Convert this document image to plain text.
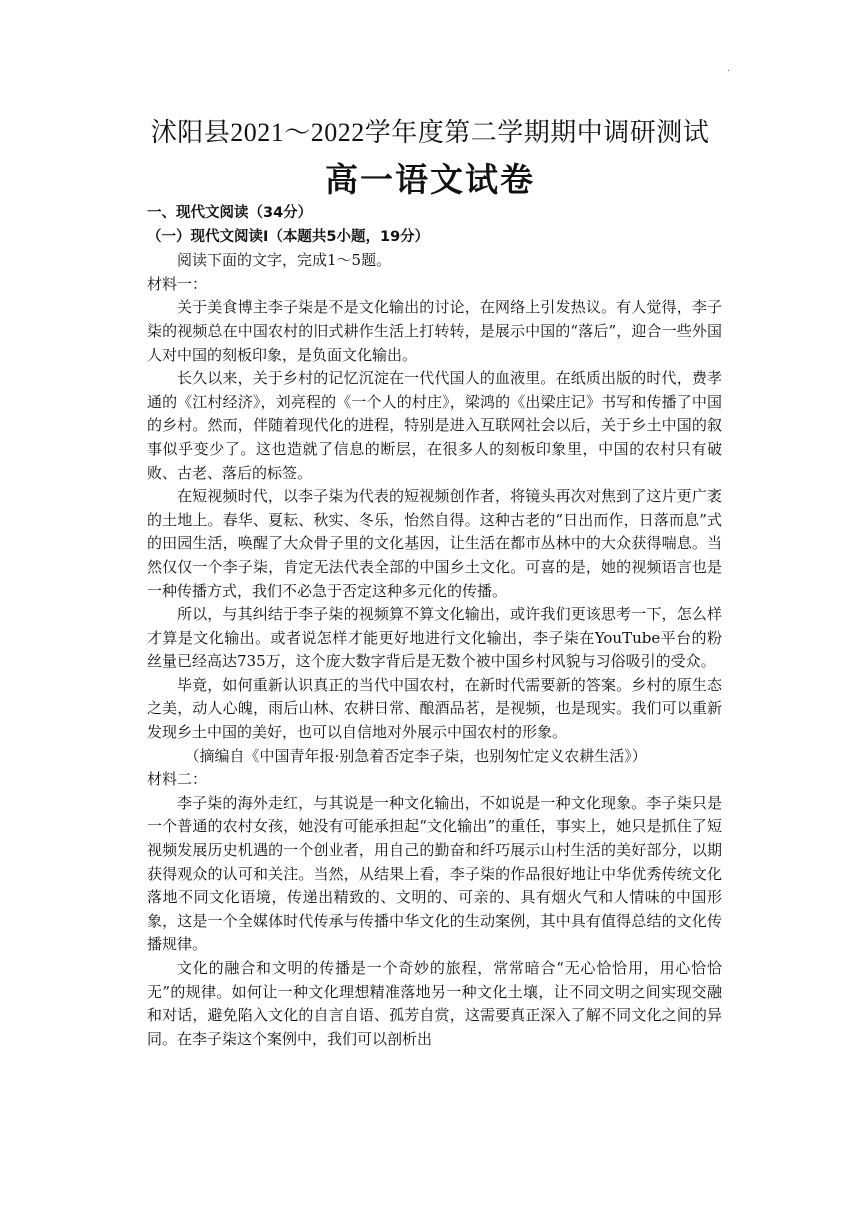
·
沭阳县2021～2022学年度第二学期期中调研测试
高一语文试卷

一、现代文阅读（34分）

（一）现代文阅读Ⅰ（本题共5小题，19分）

阅读下面的文字，完成1～5题。

材料一：

关于美食博主李子柒是不是文化输出的讨论，在网络上引发热议。有人觉得，李子柒的视频总在中国农村的旧式耕作生活上打转转，是展示中国的“落后”，迎合一些外国人对中国的刻板印象，是负面文化输出。

长久以来，关于乡村的记忆沉淀在一代代国人的血液里。在纸质出版的时代，费孝通的《江村经济》，刘亮程的《一个人的村庄》，梁鸿的《出梁庄记》书写和传播了中国的乡村。然而，伴随着现代化的进程，特别是进入互联网社会以后，关于乡土中国的叙事似乎变少了。这也造就了信息的断层，在很多人的刻板印象里，中国的农村只有破败、古老、落后的标签。

在短视频时代，以李子柒为代表的短视频创作者，将镜头再次对焦到了这片更广袤的土地上。春华、夏耘、秋实、冬乐，怡然自得。这种古老的“日出而作，日落而息”式的田园生活，唤醒了大众骨子里的文化基因，让生活在都市丛林中的大众获得喘息。当然仅仅一个李子柒，肯定无法代表全部的中国乡土文化。可喜的是，她的视频语言也是一种传播方式，我们不必急于否定这种多元化的传播。

所以，与其纠结于李子柒的视频算不算文化输出，或许我们更该思考一下，怎么样才算是文化输出。或者说怎样才能更好地进行文化输出，李子柒在YouTube平台的粉丝量已经高达735万，这个庞大数字背后是无数个被中国乡村风貌与习俗吸引的受众。

毕竟，如何重新认识真正的当代中国农村，在新时代需要新的答案。乡村的原生态之美，动人心魄，雨后山林、农耕日常、酿酒品茗，是视频，也是现实。我们可以重新发现乡土中国的美好，也可以自信地对外展示中国农村的形象。

（摘编自《中国青年报·别急着否定李子柒，也别匆忙定义农耕生活》）

材料二：

李子柒的海外走红，与其说是一种文化输出，不如说是一种文化现象。李子柒只是一个普通的农村女孩，她没有可能承担起“文化输出”的重任，事实上，她只是抓住了短视频发展历史机遇的一个创业者，用自己的勤奋和纤巧展示山村生活的美好部分，以期获得观众的认可和关注。当然，从结果上看，李子柒的作品很好地让中华优秀传统文化落地不同文化语境，传递出精致的、文明的、可亲的、具有烟火气和人情味的中国形象，这是一个全媒体时代传承与传播中华文化的生动案例，其中具有值得总结的文化传播规律。

文化的融合和文明的传播是一个奇妙的旅程，常常暗合“无心恰恰用，用心恰恰无”的规律。如何让一种文化理想精准落地另一种文化土壤，让不同文明之间实现交融和对话，避免陷入文化的自言自语、孤芳自赏，这需要真正深入了解不同文化之间的异同。在李子柒这个案例中，我们可以剖析出
